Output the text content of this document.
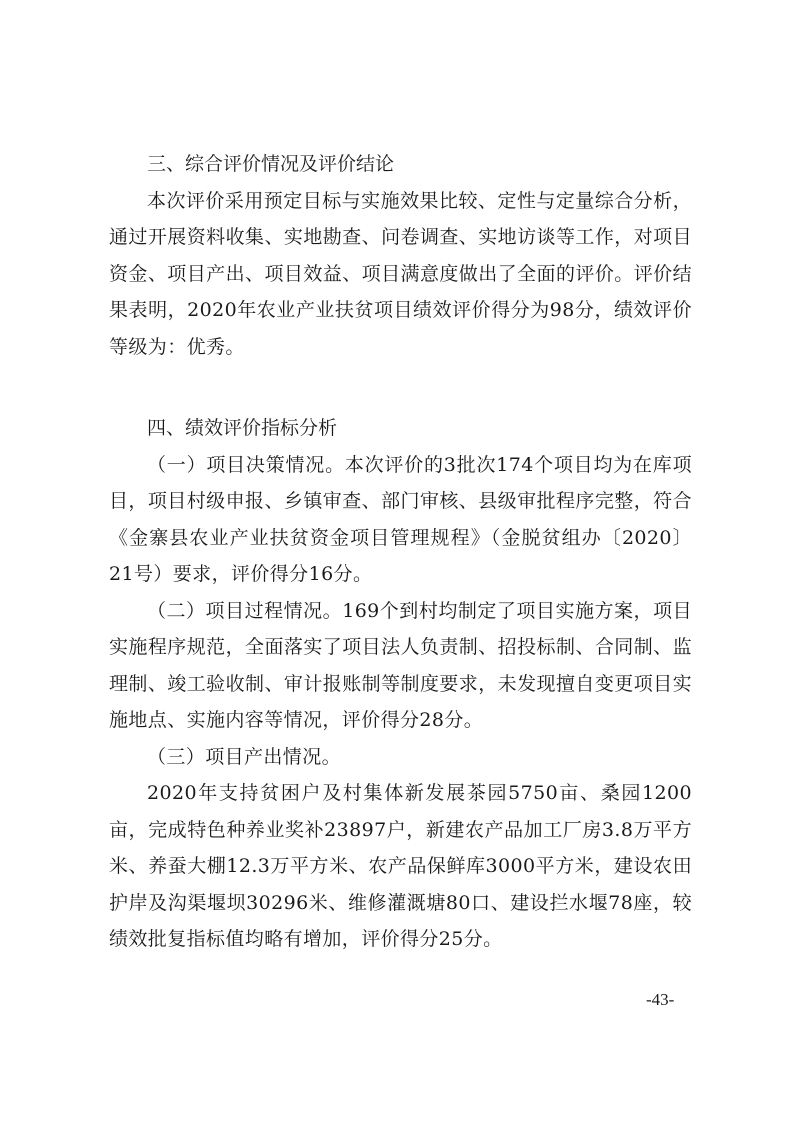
三、综合评价情况及评价结论

本次评价采用预定目标与实施效果比较、定性与定量综合分析，通过开展资料收集、实地勘查、问卷调查、实地访谈等工作，对项目资金、项目产出、项目效益、项目满意度做出了全面的评价。评价结果表明，2020年农业产业扶贫项目绩效评价得分为98分，绩效评价等级为：优秀。

四、绩效评价指标分析

（一）项目决策情况。本次评价的3批次174个项目均为在库项目，项目村级申报、乡镇审查、部门审核、县级审批程序完整，符合《金寨县农业产业扶贫资金项目管理规程》（金脱贫组办〔2020〕21号）要求，评价得分16分。

（二）项目过程情况。169个到村均制定了项目实施方案，项目实施程序规范，全面落实了项目法人负责制、招投标制、合同制、监理制、竣工验收制、审计报账制等制度要求，未发现擅自变更项目实施地点、实施内容等情况，评价得分28分。

（三）项目产出情况。

2020年支持贫困户及村集体新发展茶园5750亩、桑园1200亩，完成特色种养业奖补23897户，新建农产品加工厂房3.8万平方米、养蚕大棚12.3万平方米、农产品保鲜库3000平方米，建设农田护岸及沟渠堰坝30296米、维修灌溉塘80口、建设拦水堰78座，较绩效批复指标值均略有增加，评价得分25分。

-43-
